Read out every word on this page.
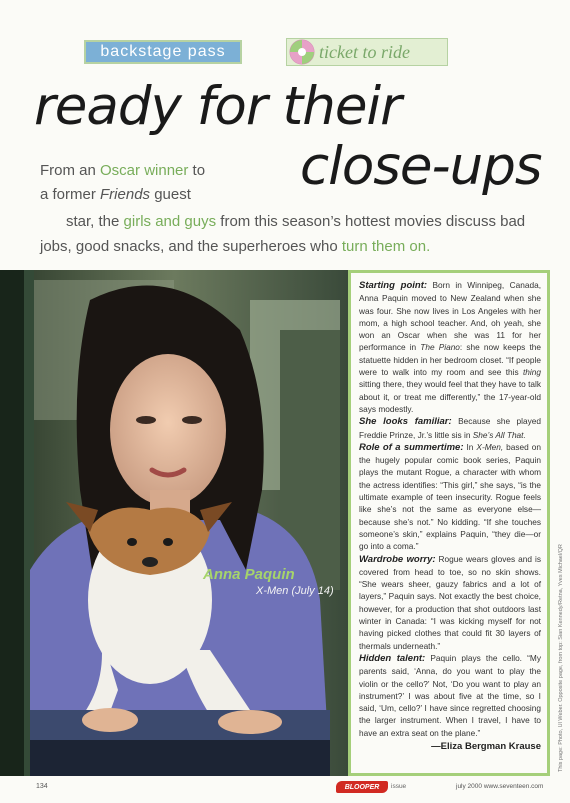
backstage pass	ticket to ride
ready for their
close-ups
From an Oscar winner to
a former Friends guest
star, the girls and guys from this season’s hottest movies discuss bad
jobs, good snacks, and the superheroes who turn them on.
Anna Paquin
X-Men (July 14)

Starting point: Born in Winnipeg, Canada, Anna Paquin moved to New Zealand when she was four. She now lives in Los Angeles with her mom, a high school teacher. And, oh yeah, she won an Oscar when she was 11 for her performance in The Piano: she now keeps the statuette hidden in her bedroom closet. “If people were to walk into my room and see this thing sitting there, they would feel that they have to talk about it, or treat me differently,” the 17-year-old says modestly.

She looks familiar: Because she played Freddie Prinze, Jr.’s little sis in She’s All That.

Role of a summertime: In X-Men, based on the hugely popular comic book series, Paquin plays the mutant Rogue, a character with whom the actress identifies: “This girl,” she says, “is the ultimate example of teen insecurity. Rogue feels like she’s not the same as everyone else—because she’s not.” No kidding. “If she touches someone’s skin,” explains Paquin, “they die—or go into a coma.”

Wardrobe worry: Rogue wears gloves and is covered from head to toe, so no skin shows. “She wears sheer, gauzy fabrics and a lot of layers,” Paquin says. Not exactly the best choice, however, for a production that shot outdoors last winter in Canada: “I was kicking myself for not having picked clothes that could fit 30 layers of thermals underneath.”

Hidden talent: Paquin plays the cello. “My parents said, ‘Anna, do you want to play the violin or the cello?’ Not, ‘Do you want to play an instrument?’ I was about five at the time, so I said, ‘Um, cello?’ I have since regretted choosing the larger instrument. When I travel, I have to have an extra seat on the plane.”

—Eliza Bergman Krause	This page: Photo, Ul Weber. Opposite page, from top: Sian Kennedy/Retna, Yves Michael/QR
134	BLOOPER	issue	july 2000 www.seventeen.com
